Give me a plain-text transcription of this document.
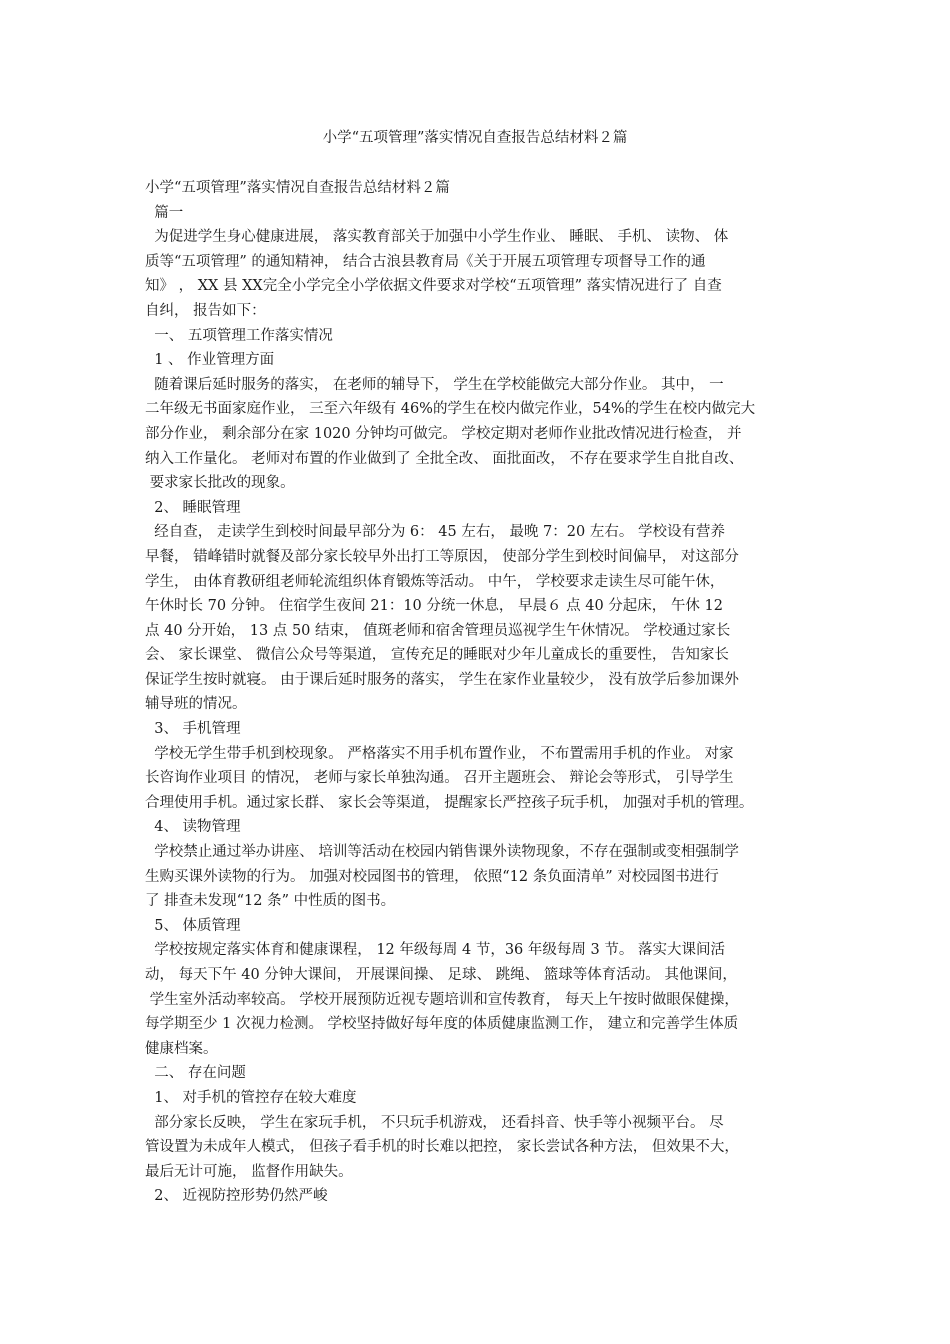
小学“五项管理”落实情况自查报告总结材料２篇
小学“五项管理”落实情况自查报告总结材料２篇
篇一
为促进学生身心健康进展， 落实教育部关于加强中小学生作业、 睡眠、 手机、 读物、 体
质等“五项管理” 的通知精神， 结合古浪县教育局《关于开展五项管理专项督导工作的通
知》 ， XX 县 XX完全小学完全小学依据文件要求对学校“五项管理” 落实情况进行了 自查
自纠， 报告如下：
一、 五项管理工作落实情况
1 、 作业管理方面
随着课后延时服务的落实， 在老师的辅导下， 学生在学校能做完大部分作业。 其中， 一
二年级无书面家庭作业， 三至六年级有 46%的学生在校内做完作业，54%的学生在校内做完大
部分作业， 剩余部分在家 1020 分钟均可做完。 学校定期对老师作业批改情况进行检查， 并
纳入工作量化。 老师对布置的作业做到了 全批全改、 面批面改， 不存在要求学生自批自改、
要求家长批改的现象。
2、 睡眠管理
经自查， 走读学生到校时间最早部分为 6： 45 左右， 最晚 7：20 左右。 学校设有营养
早餐， 错峰错时就餐及部分家长较早外出打工等原因， 使部分学生到校时间偏早， 对这部分
学生， 由体育教研组老师轮流组织体育锻炼等活动。 中午， 学校要求走读生尽可能午休，
午休时长 70 分钟。 住宿学生夜间 21：10 分统一休息， 早晨６ 点 40 分起床， 午休 12
点 40 分开始， 13 点 50 结束， 值斑老师和宿舍管理员巡视学生午休情况。 学校通过家长
会、 家长课堂、 微信公众号等渠道， 宣传充足的睡眠对少年儿童成长的重要性， 告知家长
保证学生按时就寝。 由于课后延时服务的落实， 学生在家作业量较少， 没有放学后参加课外
辅导班的情况。
3、 手机管理
学校无学生带手机到校现象。 严格落实不用手机布置作业， 不布置需用手机的作业。 对家
长咨询作业项目 的情况， 老师与家长单独沟通。 召开主题班会、 辩论会等形式， 引导学生
合理使用手机。通过家长群、 家长会等渠道， 提醒家长严控孩子玩手机， 加强对手机的管理。
4、 读物管理
学校禁止通过举办讲座、 培训等活动在校园内销售课外读物现象，不存在强制或变相强制学
生购买课外读物的行为。 加强对校园图书的管理， 依照“12 条负面清单” 对校园图书进行
了 排查未发现“12 条” 中性质的图书。
5、 体质管理
学校按规定落实体育和健康课程， 12 年级每周 4 节，36 年级每周 3 节。 落实大课间活
动， 每天下午 40 分钟大课间， 开展课间操、 足球、 跳绳、 篮球等体育活动。 其他课间，
学生室外活动率较高。 学校开展预防近视专题培训和宣传教育， 每天上午按时做眼保健操，
每学期至少 1 次视力检测。 学校坚持做好每年度的体质健康监测工作， 建立和完善学生体质
健康档案。
二、 存在问题
1、 对手机的管控存在较大难度
部分家长反映， 学生在家玩手机， 不只玩手机游戏， 还看抖音、快手等小视频平台。 尽
管设置为未成年人模式， 但孩子看手机的时长难以把控， 家长尝试各种方法， 但效果不大，
最后无计可施， 监督作用缺失。
2、 近视防控形势仍然严峻
